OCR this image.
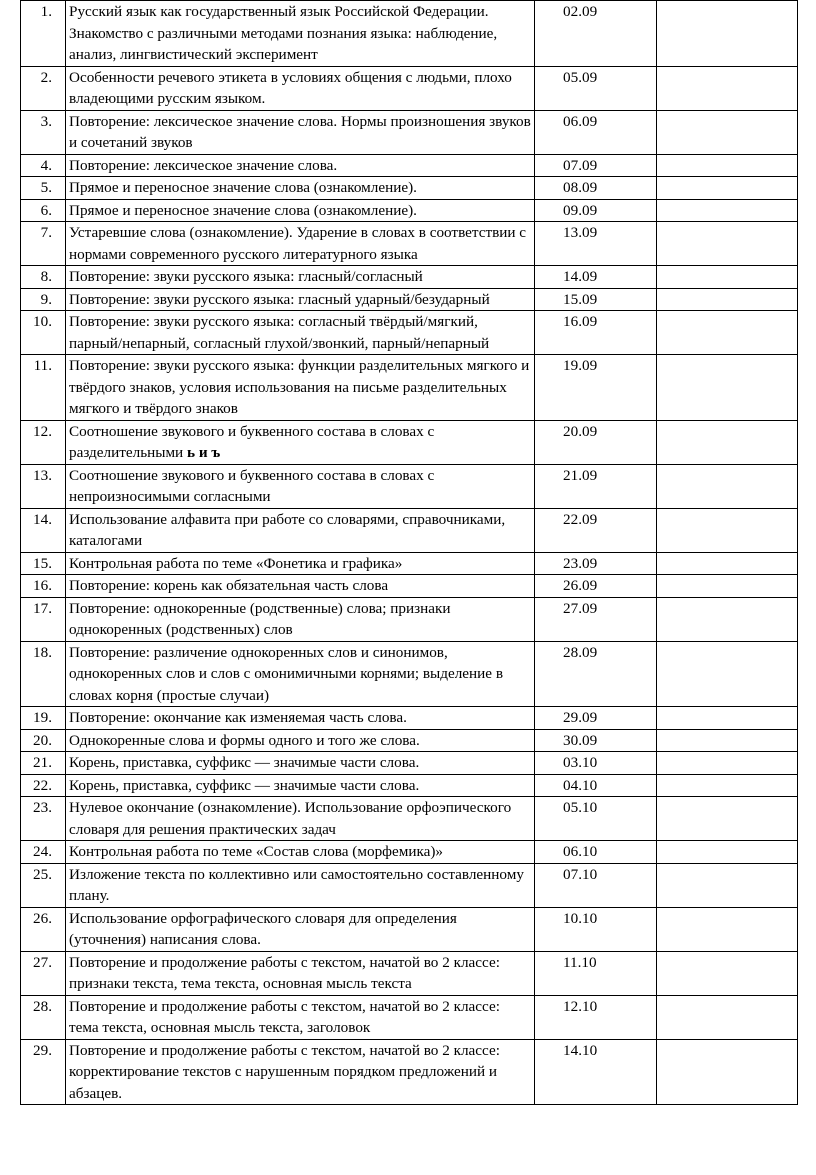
1.	Русский язык как государственный язык Российской Федерации. Знакомство с различными методами познания языка: наблюдение, анализ, лингвистический эксперимент	02.09	
2.	Особенности речевого этикета в условиях общения с людьми, плохо владеющими русским языком.	05.09	
3.	Повторение: лексическое значение слова. Нормы произношения звуков и сочетаний звуков	06.09	
4.	Повторение: лексическое значение слова.	07.09	
5.	Прямое и переносное значение слова (ознакомление).	08.09	
6.	Прямое и переносное значение слова (ознакомление).	09.09	
7.	Устаревшие слова (ознакомление). Ударение в словах в соответствии с нормами современного русского литературного языка	13.09	
8.	Повторение: звуки русского языка: гласный/согласный	14.09	
9.	Повторение: звуки русского языка: гласный ударный/безударный	15.09	
10.	Повторение: звуки русского языка: согласный твёрдый/мягкий, парный/непарный, согласный глухой/звонкий, парный/непарный	16.09	
11.	Повторение: звуки русского языка: функции разделительных мягкого и твёрдого знаков, условия использования на письме разделительных мягкого и твёрдого знаков	19.09	
12.	Соотношение звукового и буквенного состава в словах с разделительными ь и ъ	20.09	
13.	Соотношение звукового и буквенного состава в словах с непроизносимыми согласными	21.09	
14.	Использование алфавита при работе со словарями, справочниками, каталогами	22.09	
15.	Контрольная работа по теме «Фонетика и графика»	23.09	
16.	Повторение: корень как обязательная часть слова	26.09	
17.	Повторение: однокоренные (родственные) слова; признаки однокоренных (родственных) слов	27.09	
18.	Повторение: различение однокоренных слов и синонимов, однокоренных слов и слов с омонимичными корнями; выделение в словах корня (простые случаи)	28.09	
19.	Повторение: окончание как изменяемая часть слова.	29.09	
20.	Однокоренные слова и формы одного и того же слова.	30.09	
21.	Корень, приставка, суффикс — значимые части слова.	03.10	
22.	Корень, приставка, суффикс — значимые части слова.	04.10	
23.	Нулевое окончание (ознакомление). Использование орфоэпического словаря для решения практических задач	05.10	
24.	Контрольная работа по теме «Состав слова (морфемика)»	06.10	
25.	Изложение текста по коллективно или самостоятельно составленному плану.	07.10	
26.	Использование орфографического словаря для определения (уточнения) написания слова.	10.10	
27.	Повторение и продолжение работы с текстом, начатой во 2 классе: признаки текста, тема текста, основная мысль текста	11.10	
28.	Повторение и продолжение работы с текстом, начатой во 2 классе: тема текста, основная мысль текста, заголовок	12.10	
29.	Повторение и продолжение работы с текстом, начатой во 2 классе: корректирование текстов с нарушенным порядком предложений и абзацев.	14.10	
